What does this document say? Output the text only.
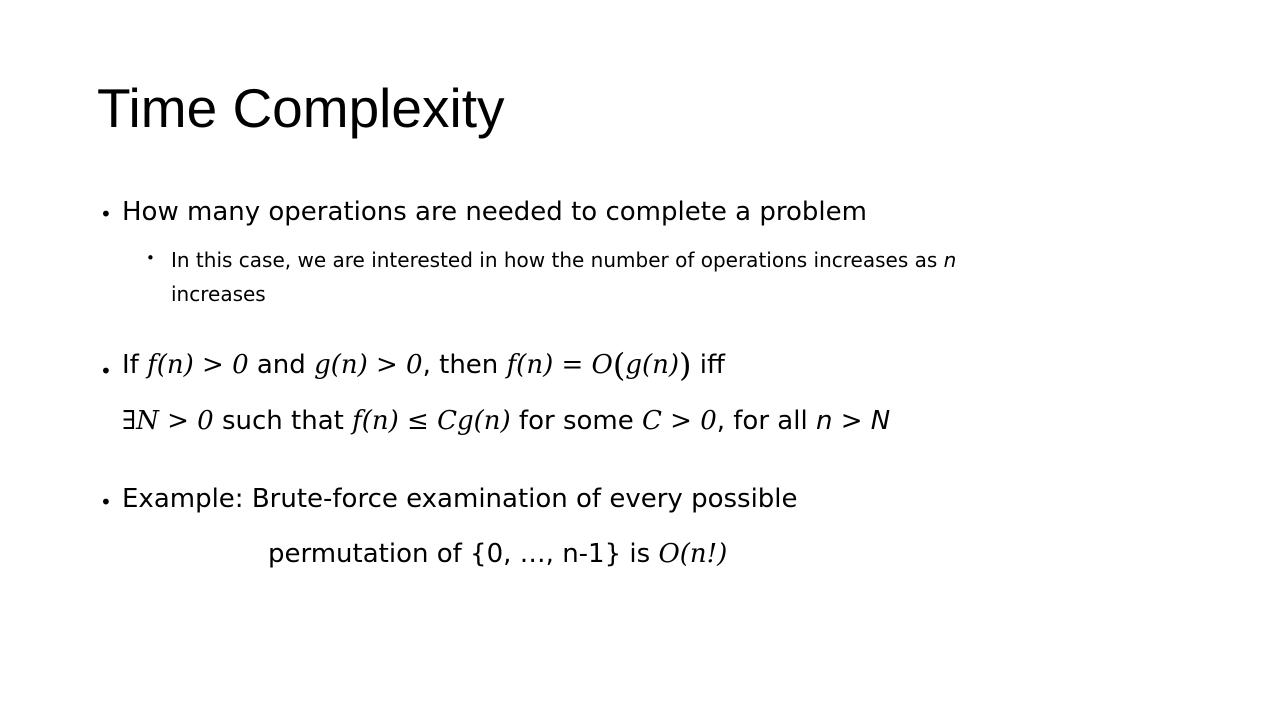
Time Complexity
• How many operations are needed to complete a problem
• In this case, we are interested in how the number of operations increases as n
increases
• If f(n) > 0 and g(n) > 0, then f(n) = O(g(n)) iff
∃N > 0 such that f(n) ≤ Cg(n) for some C > 0, for all n > N
• Example: Brute-force examination of every possible
permutation of {0, …, n-1} is O(n!)
